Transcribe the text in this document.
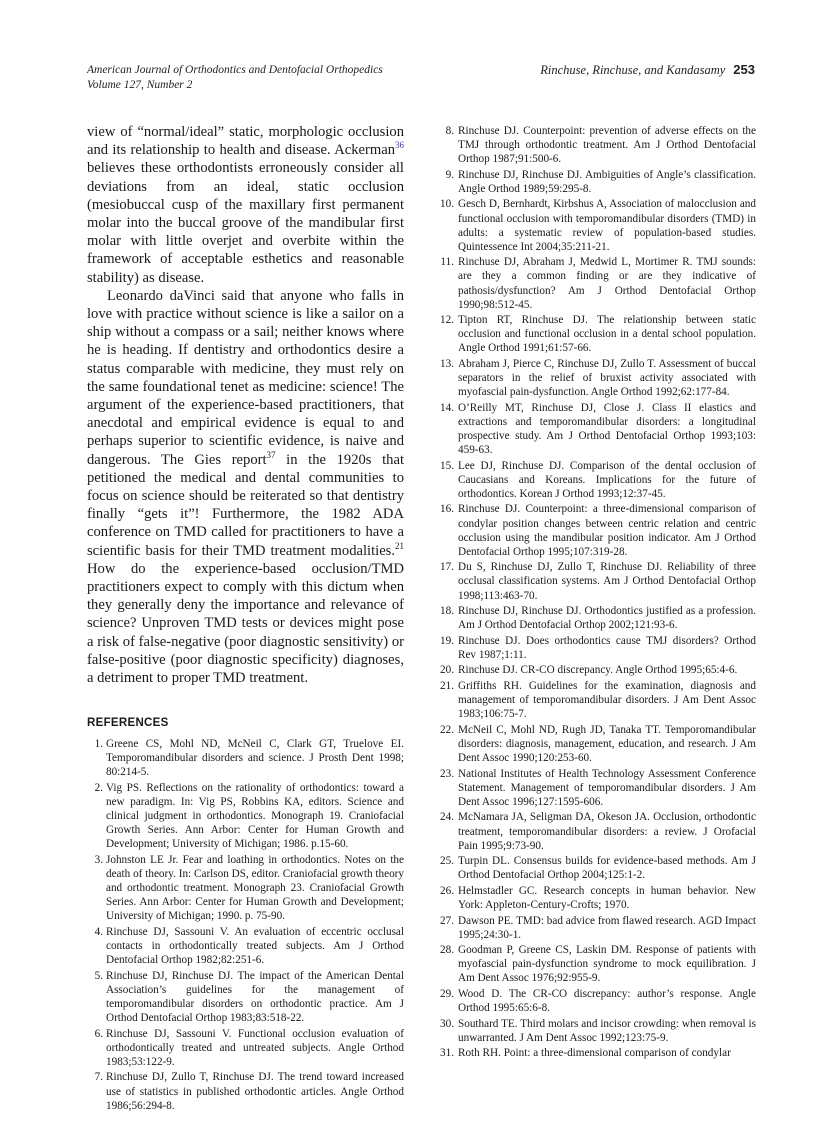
American Journal of Orthodontics and Dentofacial Orthopedics
Volume 127, Number 2
Rinchuse, Rinchuse, and Kandasamy 253

view of “normal/ideal” static, morphologic occlusion and its relationship to health and disease. Ackerman$^{36}$ believes these orthodontists erroneously consider all deviations from an ideal, static occlusion (mesiobuccal cusp of the maxillary first permanent molar into the buccal groove of the mandibular first molar with little overjet and overbite within the framework of acceptable esthetics and reasonable stability) as disease.

Leonardo daVinci said that anyone who falls in love with practice without science is like a sailor on a ship without a compass or a sail; neither knows where he is heading. If dentistry and orthodontics desire a status comparable with medicine, they must rely on the same foundational tenet as medicine: science! The argument of the experience-based practitioners, that anecdotal and empirical evidence is equal to and perhaps superior to scientific evidence, is naive and dangerous. The Gies report$^{37}$ in the 1920s that petitioned the medical and dental communities to focus on science should be reiterated so that dentistry finally “gets it”! Furthermore, the 1982 ADA conference on TMD called for practitioners to have a scientific basis for their TMD treatment modalities.$^{21}$ How do the experience-based occlusion/TMD practitioners expect to comply with this dictum when they generally deny the importance and relevance of science? Unproven TMD tests or devices might pose a risk of false-negative (poor diagnostic sensitivity) or false-positive (poor diagnostic specificity) diagnoses, a detriment to proper TMD treatment.

REFERENCES
1. Greene CS, Mohl ND, McNeil C, Clark GT, Truelove EI. Temporomandibular disorders and science. J Prosth Dent 1998; 80:214-5.
2. Vig PS. Reflections on the rationality of orthodontics: toward a new paradigm. In: Vig PS, Robbins KA, editors. Science and clinical judgment in orthodontics. Monograph 19. Craniofacial Growth Series. Ann Arbor: Center for Human Growth and Development; University of Michigan; 1986. p.15-60.
3. Johnston LE Jr. Fear and loathing in orthodontics. Notes on the death of theory. In: Carlson DS, editor. Craniofacial growth theory and orthodontic treatment. Monograph 23. Craniofacial Growth Series. Ann Arbor: Center for Human Growth and Development; University of Michigan; 1990. p. 75-90.
4. Rinchuse DJ, Sassouni V. An evaluation of eccentric occlusal contacts in orthodontically treated subjects. Am J Orthod Dentofacial Orthop 1982;82:251-6.
5. Rinchuse DJ, Rinchuse DJ. The impact of the American Dental Association’s guidelines for the management of temporomandibular disorders on orthodontic practice. Am J Orthod Dentofacial Orthop 1983;83:518-22.
6. Rinchuse DJ, Sassouni V. Functional occlusion evaluation of orthodontically treated and untreated subjects. Angle Orthod 1983;53:122-9.
7. Rinchuse DJ, Zullo T, Rinchuse DJ. The trend toward increased use of statistics in published orthodontic articles. Angle Orthod 1986;56:294-8.
8. Rinchuse DJ. Counterpoint: prevention of adverse effects on the TMJ through orthodontic treatment. Am J Orthod Dentofacial Orthop 1987;91:500-6.
9. Rinchuse DJ, Rinchuse DJ. Ambiguities of Angle’s classification. Angle Orthod 1989;59:295-8.
10. Gesch D, Bernhardt, Kirbshus A, Association of malocclusion and functional occlusion with temporomandibular disorders (TMD) in adults: a systematic review of population-based studies. Quintessence Int 2004;35:211-21.
11. Rinchuse DJ, Abraham J, Medwid L, Mortimer R. TMJ sounds: are they a common finding or are they indicative of pathosis/dysfunction? Am J Orthod Dentofacial Orthop 1990;98:512-45.
12. Tipton RT, Rinchuse DJ. The relationship between static occlusion and functional occlusion in a dental school population. Angle Orthod 1991;61:57-66.
13. Abraham J, Pierce C, Rinchuse DJ, Zullo T. Assessment of buccal separators in the relief of bruxist activity associated with myofascial pain-dysfunction. Angle Orthod 1992;62:177-84.
14. O’Reilly MT, Rinchuse DJ, Close J. Class II elastics and extractions and temporomandibular disorders: a longitudinal prospective study. Am J Orthod Dentofacial Orthop 1993;103: 459-63.
15. Lee DJ, Rinchuse DJ. Comparison of the dental occlusion of Caucasians and Koreans. Implications for the future of orthodontics. Korean J Orthod 1993;12:37-45.
16. Rinchuse DJ. Counterpoint: a three-dimensional comparison of condylar position changes between centric relation and centric occlusion using the mandibular position indicator. Am J Orthod Dentofacial Orthop 1995;107:319-28.
17. Du S, Rinchuse DJ, Zullo T, Rinchuse DJ. Reliability of three occlusal classification systems. Am J Orthod Dentofacial Orthop 1998;113:463-70.
18. Rinchuse DJ, Rinchuse DJ. Orthodontics justified as a profession. Am J Orthod Dentofacial Orthop 2002;121:93-6.
19. Rinchuse DJ. Does orthodontics cause TMJ disorders? Orthod Rev 1987;1:11.
20. Rinchuse DJ. CR-CO discrepancy. Angle Orthod 1995;65:4-6.
21. Griffiths RH. Guidelines for the examination, diagnosis and management of temporomandibular disorders. J Am Dent Assoc 1983;106:75-7.
22. McNeil C, Mohl ND, Rugh JD, Tanaka TT. Temporomandibular disorders: diagnosis, management, education, and research. J Am Dent Assoc 1990;120:253-60.
23. National Institutes of Health Technology Assessment Conference Statement. Management of temporomandibular disorders. J Am Dent Assoc 1996;127:1595-606.
24. McNamara JA, Seligman DA, Okeson JA. Occlusion, orthodontic treatment, temporomandibular disorders: a review. J Orofacial Pain 1995;9:73-90.
25. Turpin DL. Consensus builds for evidence-based methods. Am J Orthod Dentofacial Orthop 2004;125:1-2.
26. Helmstadler GC. Research concepts in human behavior. New York: Appleton-Century-Crofts; 1970.
27. Dawson PE. TMD: bad advice from flawed research. AGD Impact 1995;24:30-1.
28. Goodman P, Greene CS, Laskin DM. Response of patients with myofascial pain-dysfunction syndrome to mock equilibration. J Am Dent Assoc 1976;92:955-9.
29. Wood D. The CR-CO discrepancy: author’s response. Angle Orthod 1995:65:6-8.
30. Southard TE. Third molars and incisor crowding: when removal is unwarranted. J Am Dent Assoc 1992;123:75-9.
31. Roth RH. Point: a three-dimensional comparison of condylar
